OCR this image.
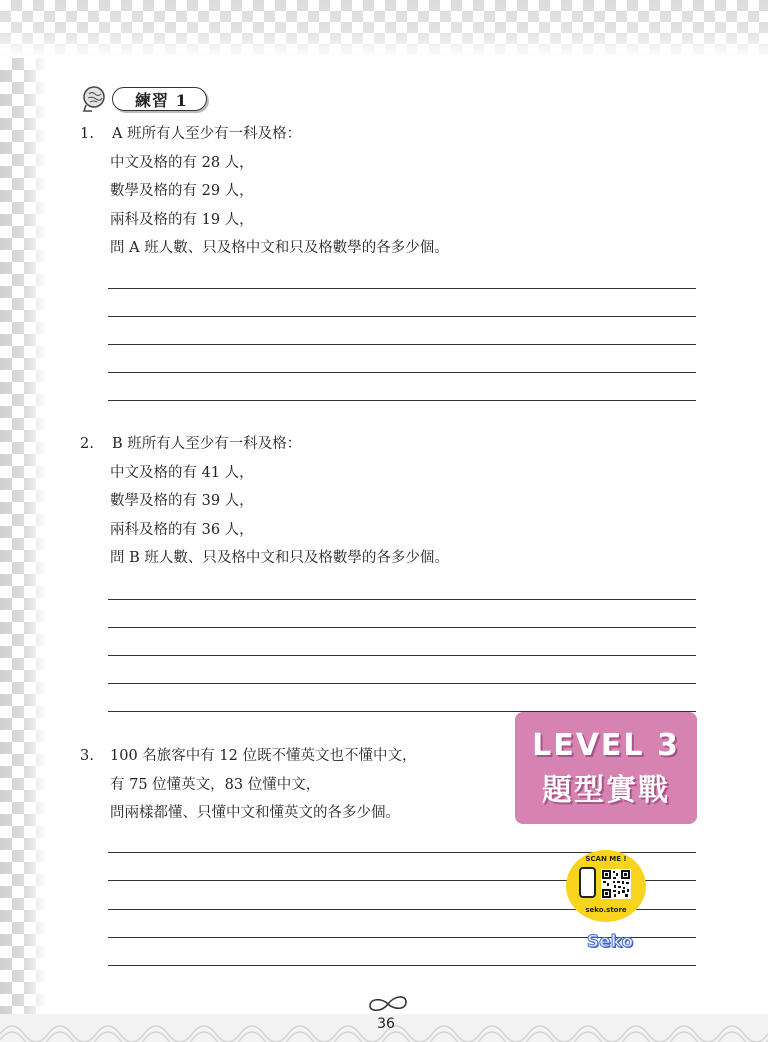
練習 1
1.	A 班所有人至少有一科及格：
中文及格的有 28 人，
數學及格的有 29 人，
兩科及格的有 19 人，
問 A 班人數、只及格中文和只及格數學的各多少個。
2.	B 班所有人至少有一科及格：
中文及格的有 41 人，
數學及格的有 39 人，
兩科及格的有 36 人，
問 B 班人數、只及格中文和只及格數學的各多少個。
3.	100 名旅客中有 12 位既不懂英文也不懂中文，
有 75 位懂英文，83 位懂中文，
問兩樣都懂、只懂中文和懂英文的各多少個。
LEVEL 3
題型實戰
SCAN ME !
seko.store
Seko
36
